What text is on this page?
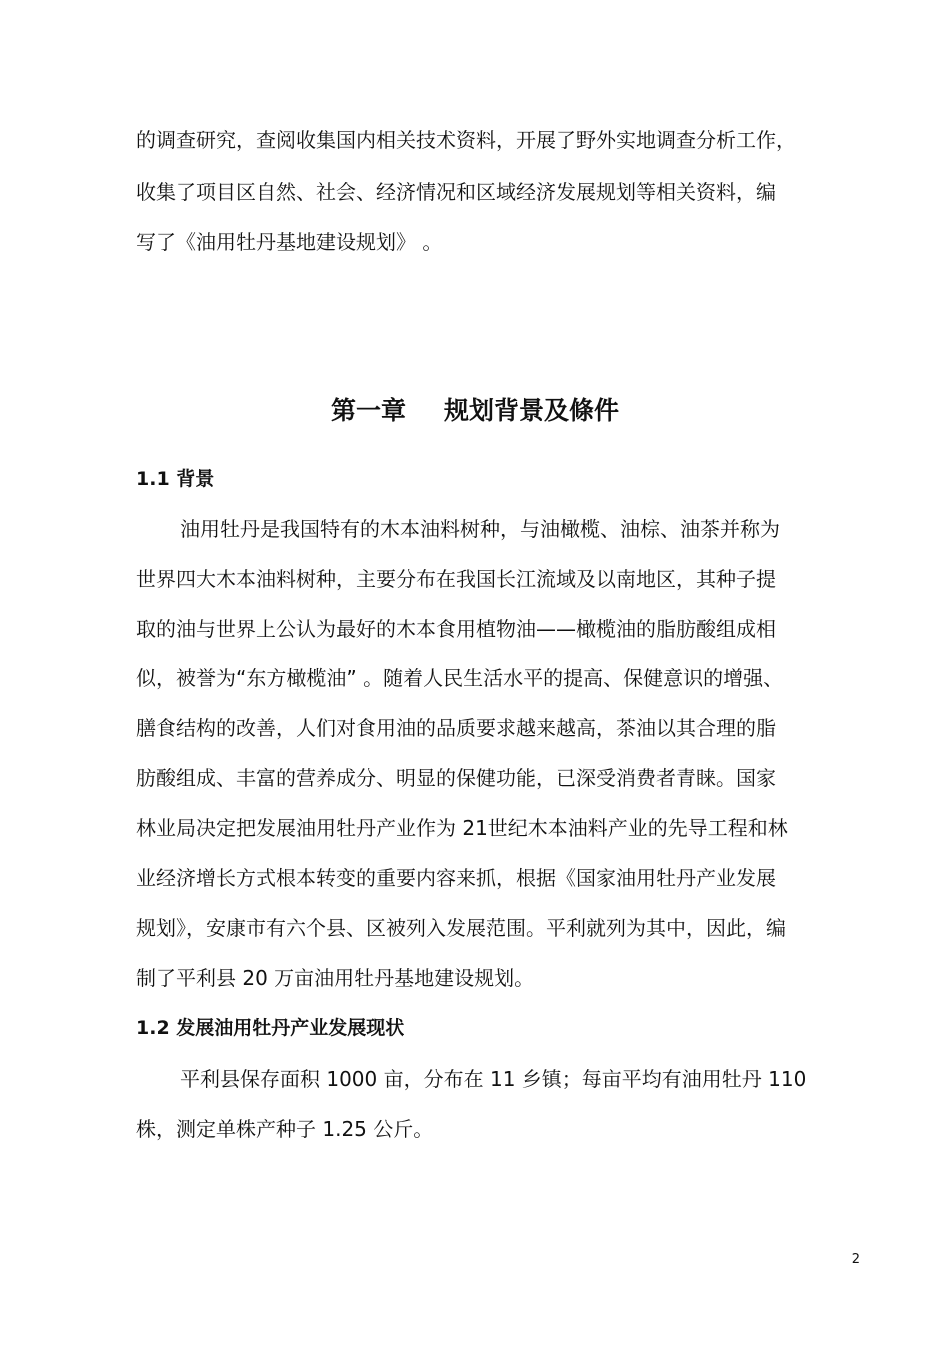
的调查研究，查阅收集国内相关技术资料，开展了野外实地调查分析工作，

收集了项目区自然、社会、经济情况和区域经济发展规划等相关资料，编

写了《油用牡丹基地建设规划》 。

第一章 规划背景及條件
1.1 背景

油用牡丹是我国特有的木本油料树种，与油橄榄、油棕、油茶并称为

世界四大木本油料树种，主要分布在我国长江流域及以南地区，其种子提

取的油与世界上公认为最好的木本食用植物油——橄榄油的脂肪酸组成相

似，被誉为“东方橄榄油” 。随着人民生活水平的提高、保健意识的增强、

膳食结构的改善，人们对食用油的品质要求越来越高，茶油以其合理的脂

肪酸组成、丰富的营养成分、明显的保健功能，已深受消费者青睐。国家

林业局决定把发展油用牡丹产业作为 21世纪木本油料产业的先导工程和林

业经济增长方式根本转变的重要内容来抓，根据《国家油用牡丹产业发展

规划》，安康市有六个县、区被列入发展范围。平利就列为其中，因此，编

制了平利县 20 万亩油用牡丹基地建设规划。

1.2 发展油用牡丹产业发展现状

平利县保存面积 1000 亩，分布在 11 乡镇；每亩平均有油用牡丹 110

株，测定单株产种子 1.25 公斤。

2
